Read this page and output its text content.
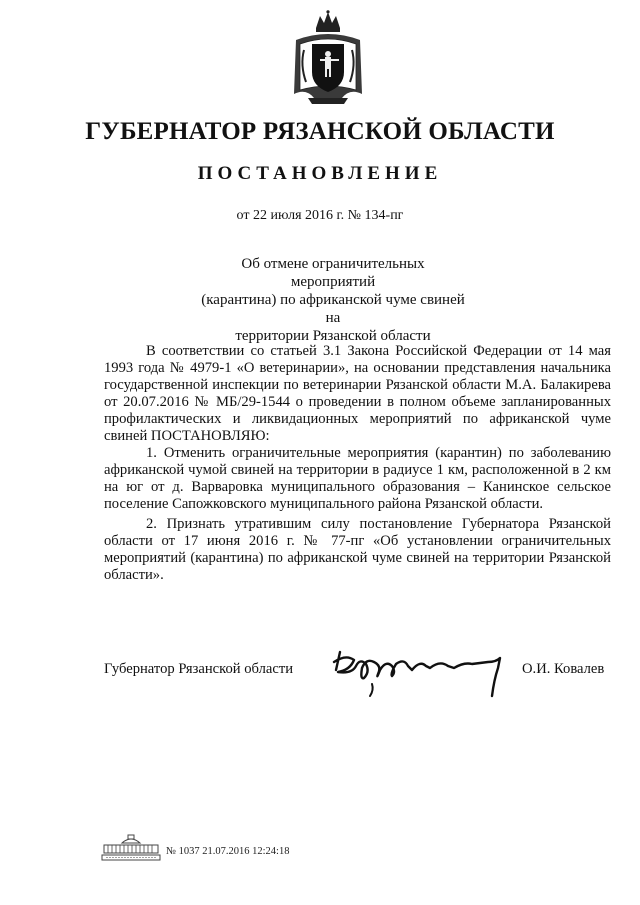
ГУБЕРНАТОР РЯЗАНСКОЙ ОБЛАСТИ
ПОСТАНОВЛЕНИЕ
от 22 июля 2016 г. № 134-пг
Об отмене ограничительных мероприятий
(карантина) по африканской чуме свиней на
территории Рязанской области

В соответствии со статьей 3.1 Закона Российской Федерации от 14 мая 1993 года № 4979-1 «О ветеринарии», на основании представления начальника государственной инспекции по ветеринарии Рязанской области М.А. Балакирева от 20.07.2016 № МБ/29-1544 о проведении в полном объеме запланированных профилактических и ликвидационных мероприятий по африканской чуме свиней ПОСТАНОВЛЯЮ:

1. Отменить ограничительные мероприятия (карантин) по заболеванию африканской чумой свиней на территории в радиусе 1 км, расположенной в 2 км на юг от д. Варваровка муниципального образования – Канинское сельское поселение Сапожковского муниципального района Рязанской области.

2. Признать утратившим силу постановление Губернатора Рязанской области от 17 июня 2016 г. № 77-пг «Об установлении ограничительных мероприятий (карантина) по африканской чуме свиней на территории Рязанской области».

Губернатор Рязанской области	О.И. Ковалев
№ 1037 21.07.2016 12:24:18
